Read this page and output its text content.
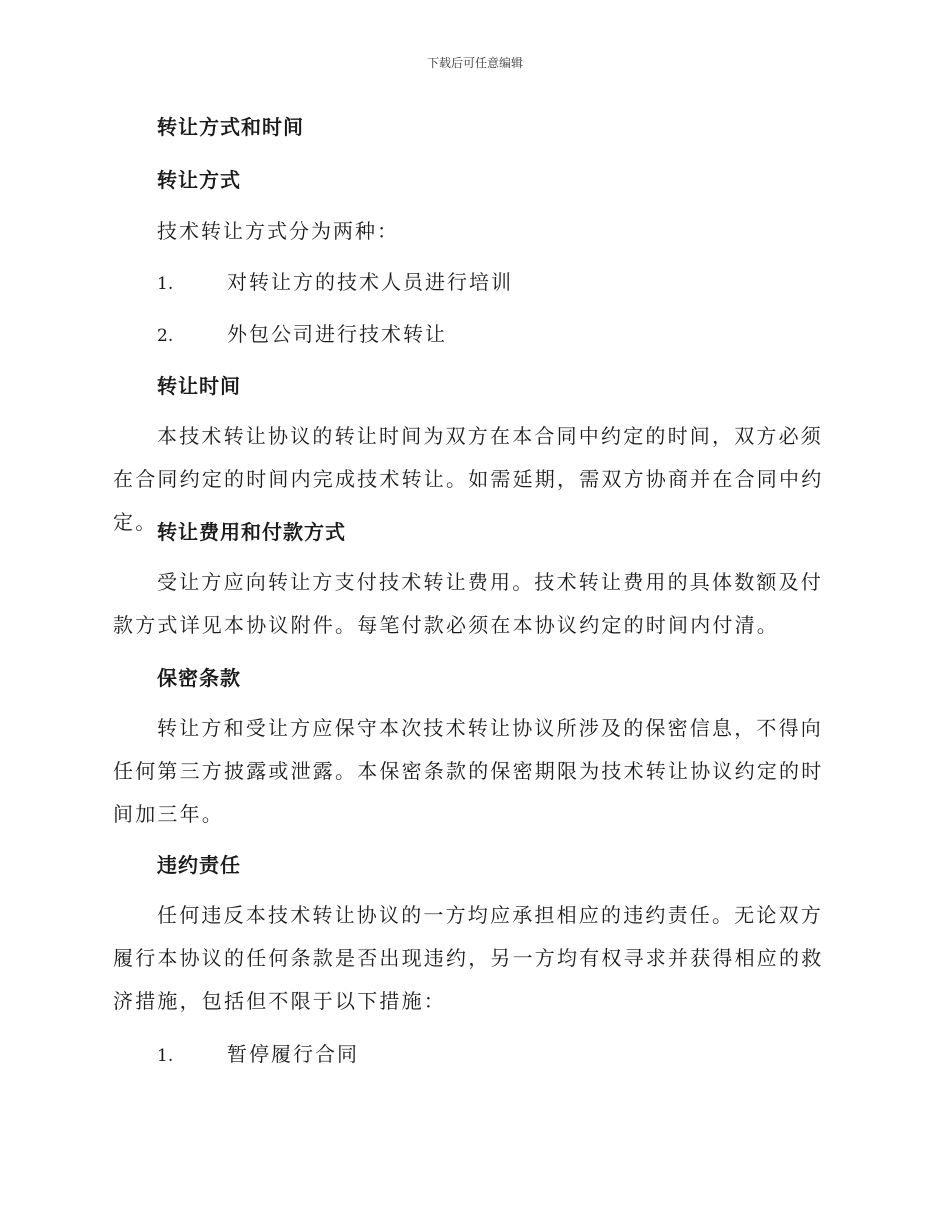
下载后可任意编辑
转让方式和时间
转让方式
技术转让方式分为两种：
1.	对转让方的技术人员进行培训
2.	外包公司进行技术转让
转让时间
本技术转让协议的转让时间为双方在本合同中约定的时间，双方必须在合同约定的时间内完成技术转让。如需延期，需双方协商并在合同中约定。 转让费用和付款方式
受让方应向转让方支付技术转让费用。技术转让费用的具体数额及付款方式详见本协议附件。每笔付款必须在本协议约定的时间内付清。
保密条款
转让方和受让方应保守本次技术转让协议所涉及的保密信息，不得向任何第三方披露或泄露。本保密条款的保密期限为技术转让协议约定的时间加三年。
违约责任
任何违反本技术转让协议的一方均应承担相应的违约责任。无论双方履行本协议的任何条款是否出现违约，另一方均有权寻求并获得相应的救济措施，包括但不限于以下措施：
1.	暂停履行合同
